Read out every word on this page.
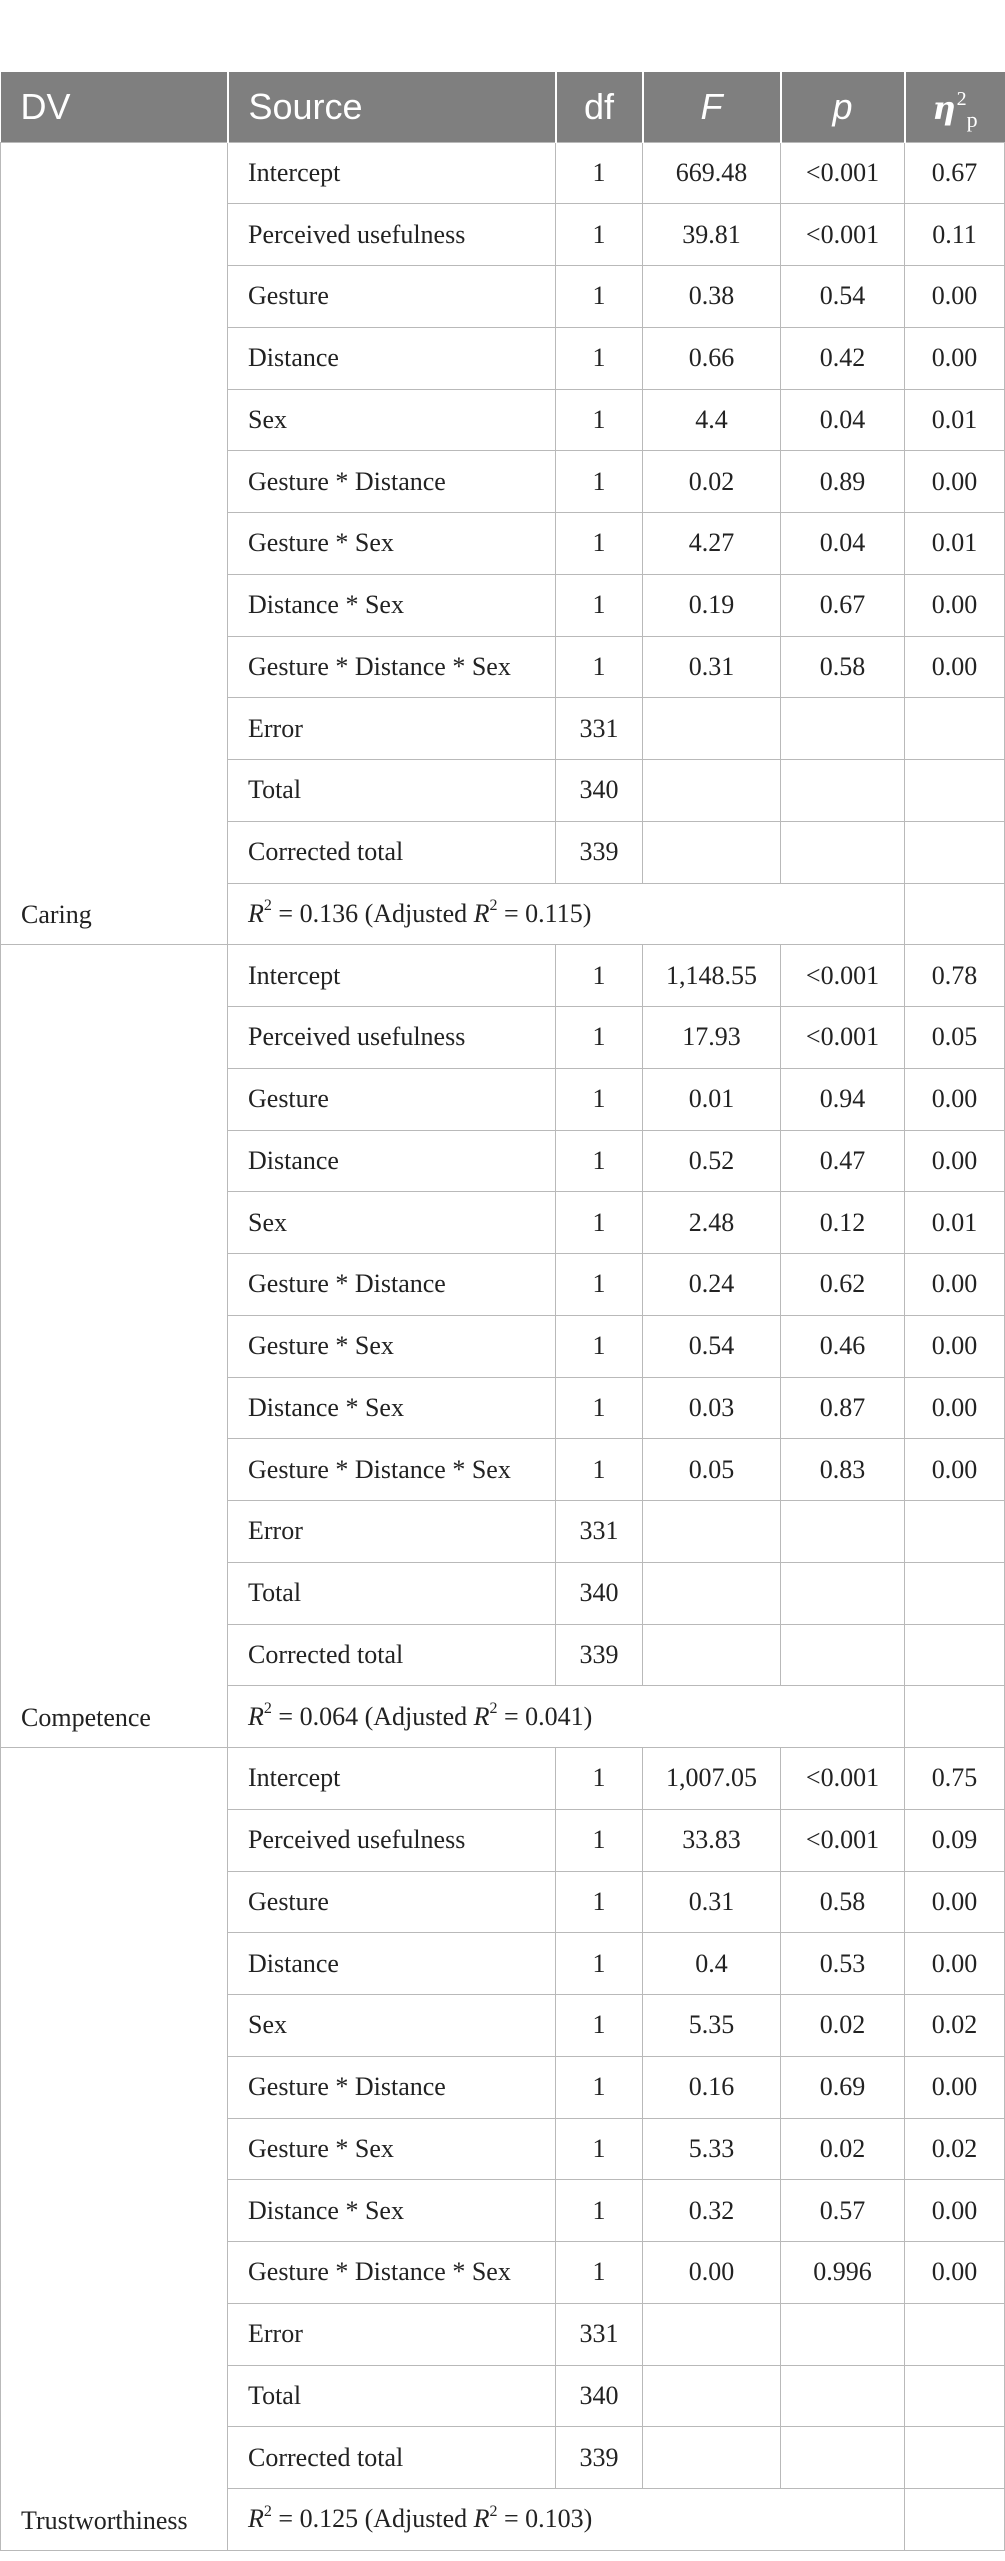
DV	Source	df	F	p	$\eta^2_p$
Caring	Intercept	1	669.48	<0.001	0.67
	Perceived usefulness	1	39.81	<0.001	0.11
	Gesture	1	0.38	0.54	0.00
	Distance	1	0.66	0.42	0.00
	Sex	1	4.4	0.04	0.01
	Gesture * Distance	1	0.02	0.89	0.00
	Gesture * Sex	1	4.27	0.04	0.01
	Distance * Sex	1	0.19	0.67	0.00
	Gesture * Distance * Sex	1	0.31	0.58	0.00
	Error	331			
	Total	340			
	Corrected total	339			
	$R^2 = 0.136$ (Adjusted $R^2 = 0.115$)				
Competence	Intercept	1	1,148.55	<0.001	0.78
	Perceived usefulness	1	17.93	<0.001	0.05
	Gesture	1	0.01	0.94	0.00
	Distance	1	0.52	0.47	0.00
	Sex	1	2.48	0.12	0.01
	Gesture * Distance	1	0.24	0.62	0.00
	Gesture * Sex	1	0.54	0.46	0.00
	Distance * Sex	1	0.03	0.87	0.00
	Gesture * Distance * Sex	1	0.05	0.83	0.00
	Error	331			
	Total	340			
	Corrected total	339			
	$R^2 = 0.064$ (Adjusted $R^2 = 0.041$)				
Trustworthiness	Intercept	1	1,007.05	<0.001	0.75
	Perceived usefulness	1	33.83	<0.001	0.09
	Gesture	1	0.31	0.58	0.00
	Distance	1	0.4	0.53	0.00
	Sex	1	5.35	0.02	0.02
	Gesture * Distance	1	0.16	0.69	0.00
	Gesture * Sex	1	5.33	0.02	0.02
	Distance * Sex	1	0.32	0.57	0.00
	Gesture * Distance * Sex	1	0.00	0.996	0.00
	Error	331			
	Total	340			
	Corrected total	339			
	$R^2 = 0.125$ (Adjusted $R^2 = 0.103$)				
